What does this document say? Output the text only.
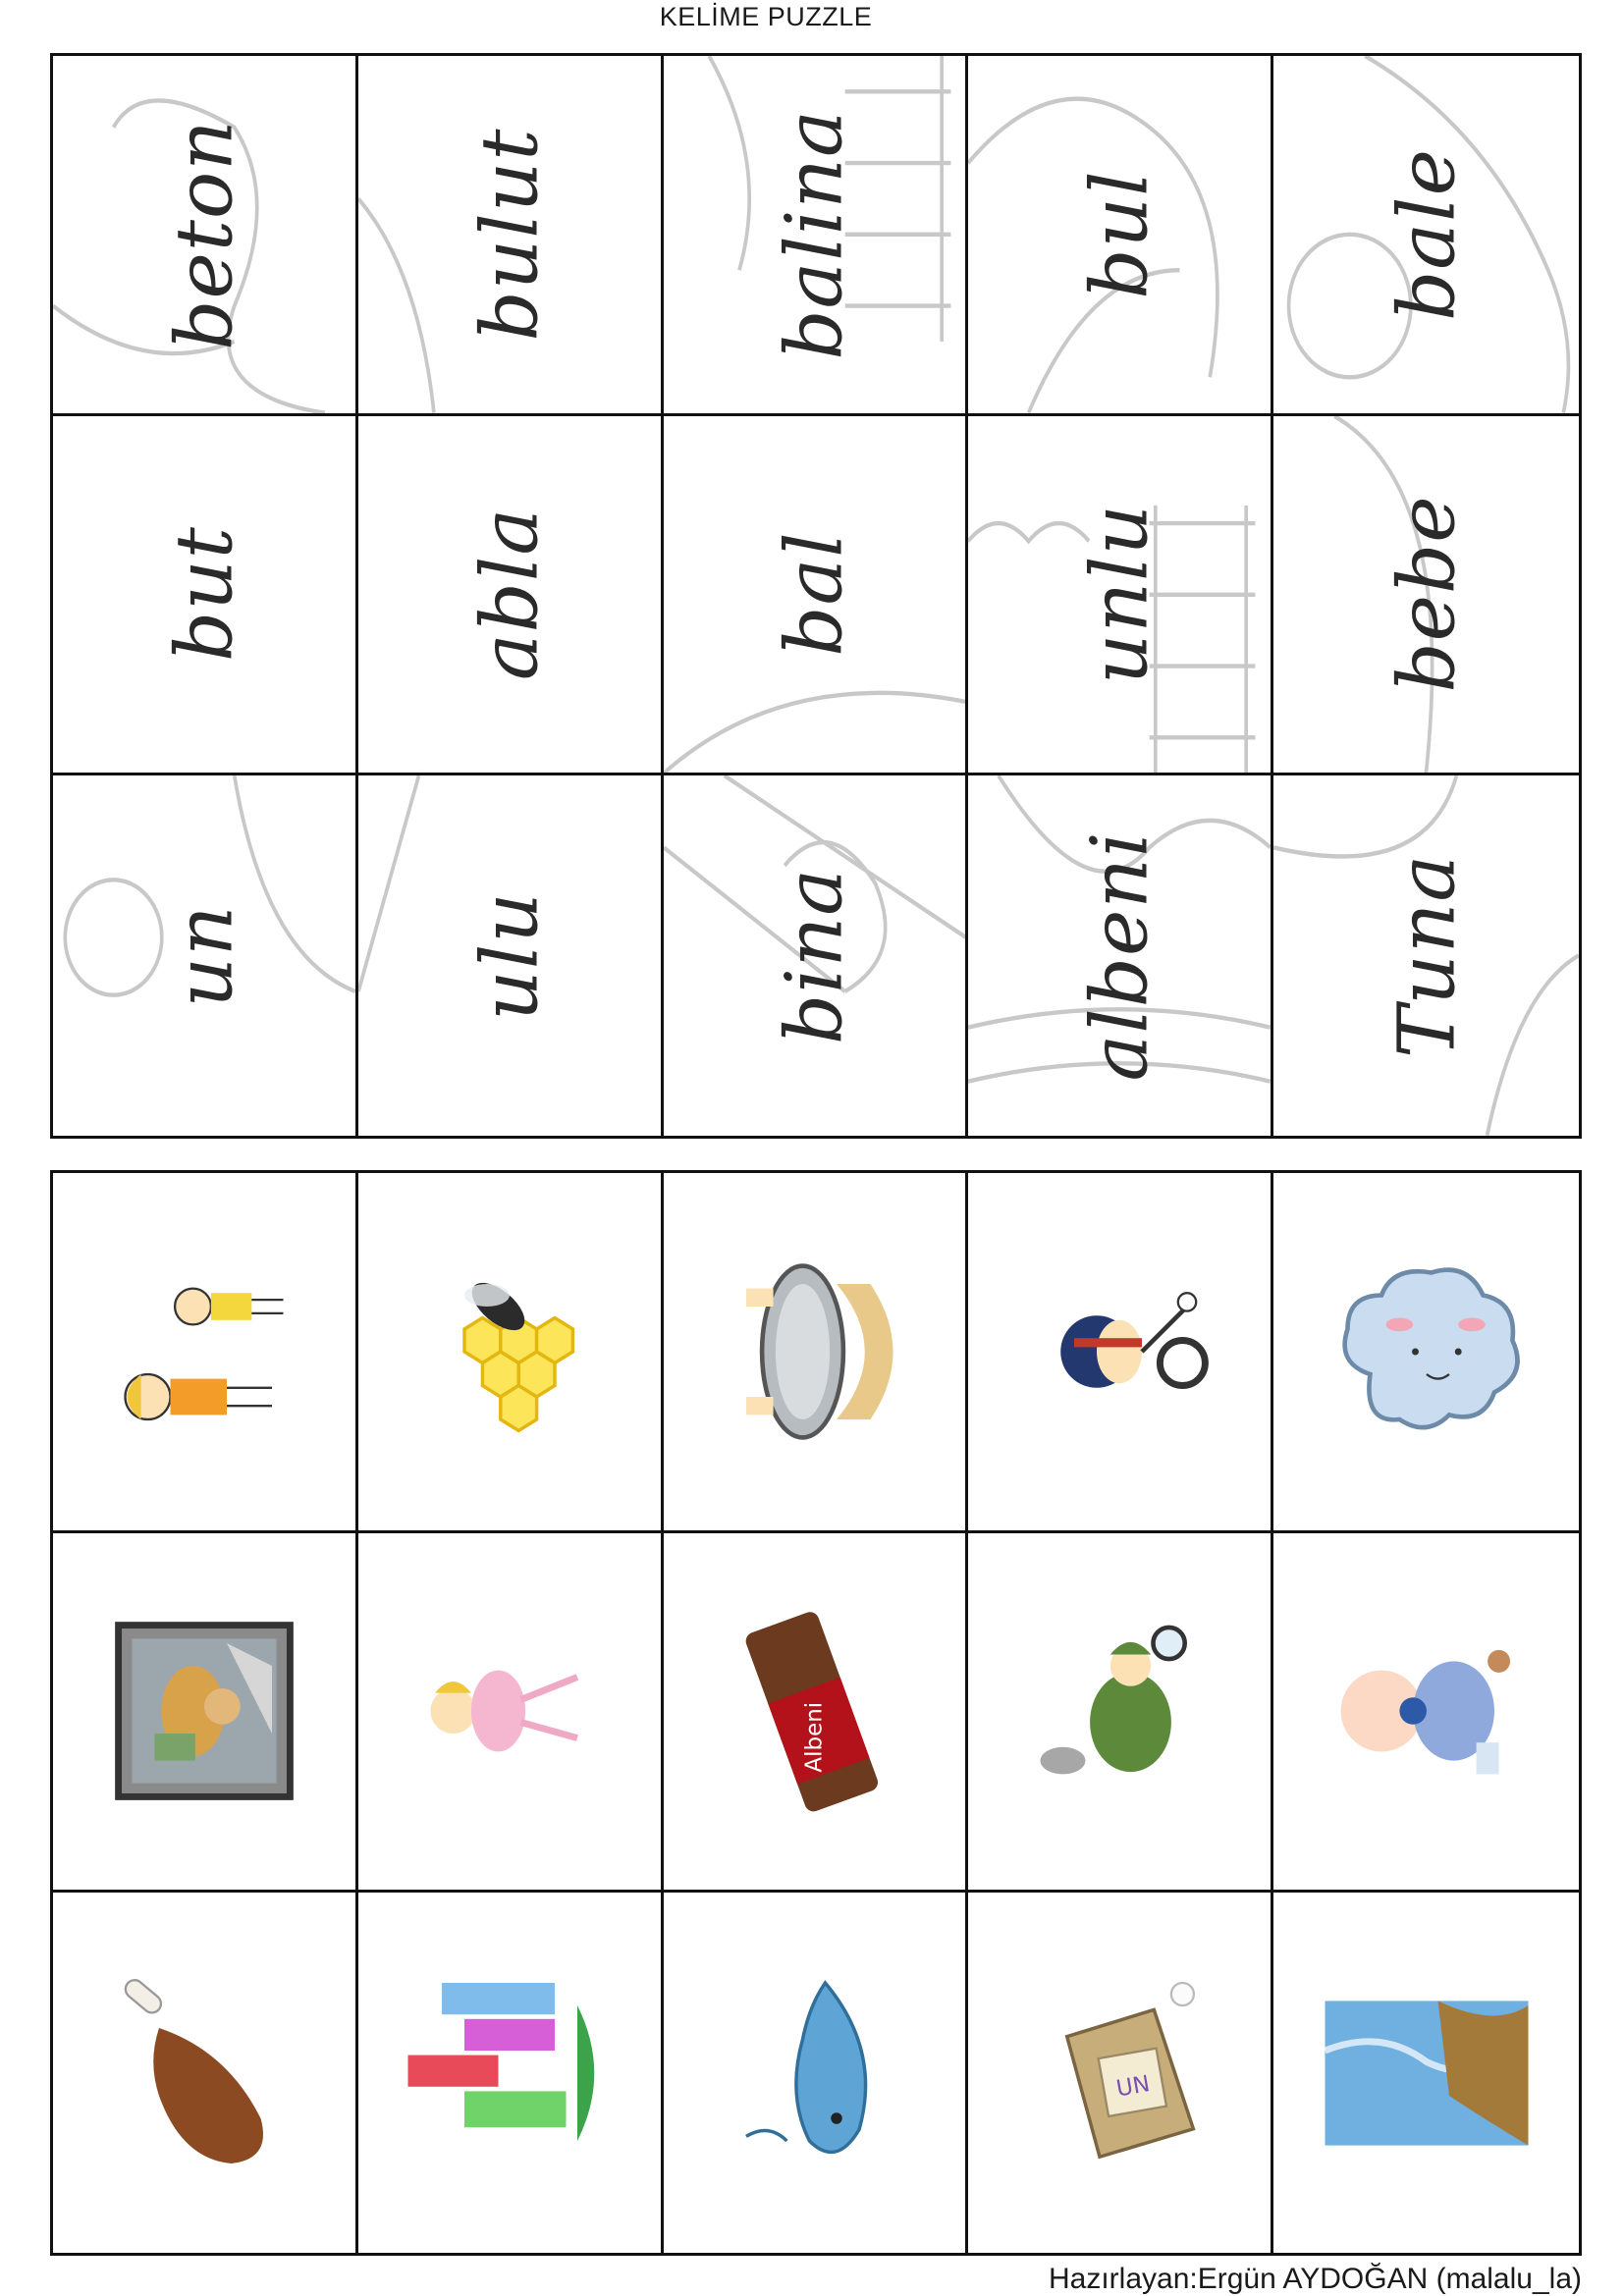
KELİME PUZZLE
beton	bulut	balina	bul	bale
but	abla	bal	unlu	bebe
un	ulu	bina	albeni	Tuna
Albeni
UN
Hazırlayan:Ergün AYDOĞAN (malalu_la)
